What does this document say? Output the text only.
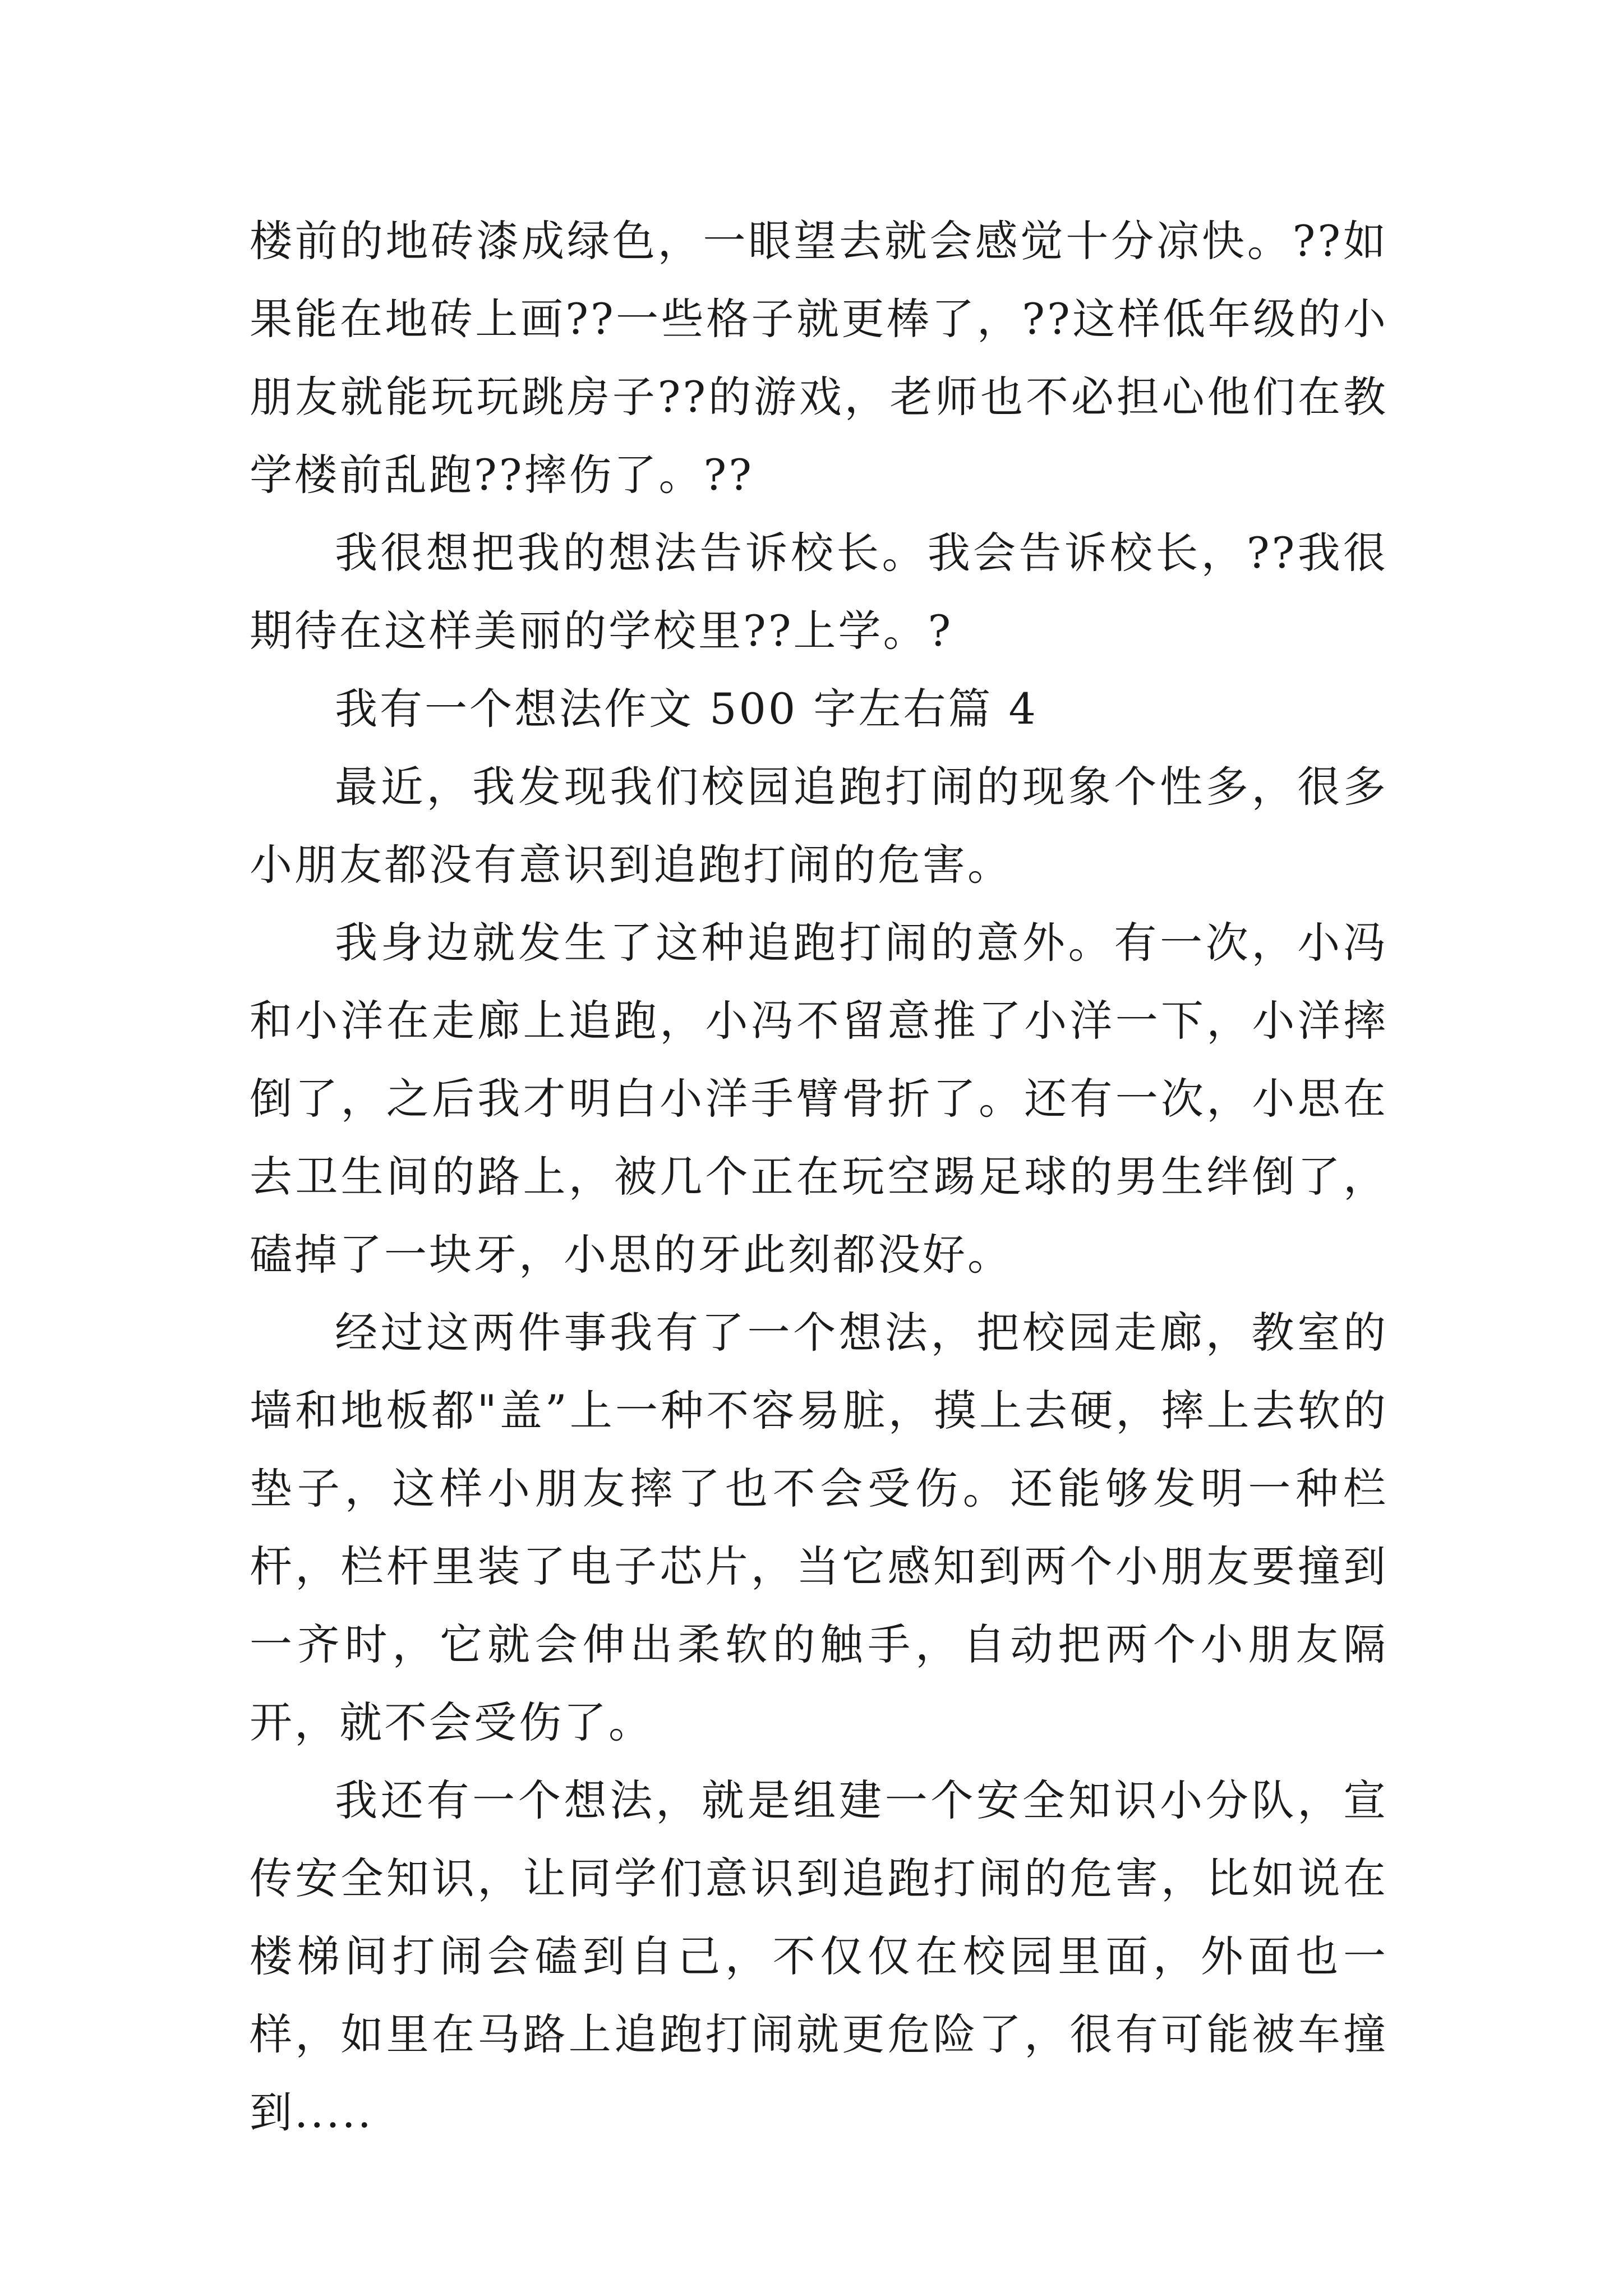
楼前的地砖漆成绿色，一眼望去就会感觉十分凉快。??如果能在地砖上画??一些格子就更棒了，??这样低年级的小朋友就能玩玩跳房子??的游戏，老师也不必担心他们在教学楼前乱跑??摔伤了。??

我很想把我的想法告诉校长。我会告诉校长，??我很期待在这样美丽的学校里??上学。?

我有一个想法作文 500 字左右篇 4

最近，我发现我们校园追跑打闹的现象个性多，很多小朋友都没有意识到追跑打闹的危害。

我身边就发生了这种追跑打闹的意外。有一次，小冯和小洋在走廊上追跑，小冯不留意推了小洋一下，小洋摔倒了，之后我才明白小洋手臂骨折了。还有一次，小思在去卫生间的路上，被几个正在玩空踢足球的男生绊倒了，磕掉了一块牙，小思的牙此刻都没好。

经过这两件事我有了一个想法，把校园走廊，教室的墙和地板都"盖”上一种不容易脏，摸上去硬，摔上去软的垫子，这样小朋友摔了也不会受伤。还能够发明一种栏杆，栏杆里装了电子芯片，当它感知到两个小朋友要撞到一齐时，它就会伸出柔软的触手，自动把两个小朋友隔开，就不会受伤了。

我还有一个想法，就是组建一个安全知识小分队，宣传安全知识，让同学们意识到追跑打闹的危害，比如说在楼梯间打闹会磕到自己，不仅仅在校园里面，外面也一样，如里在马路上追跑打闹就更危险了，很有可能被车撞到.....
